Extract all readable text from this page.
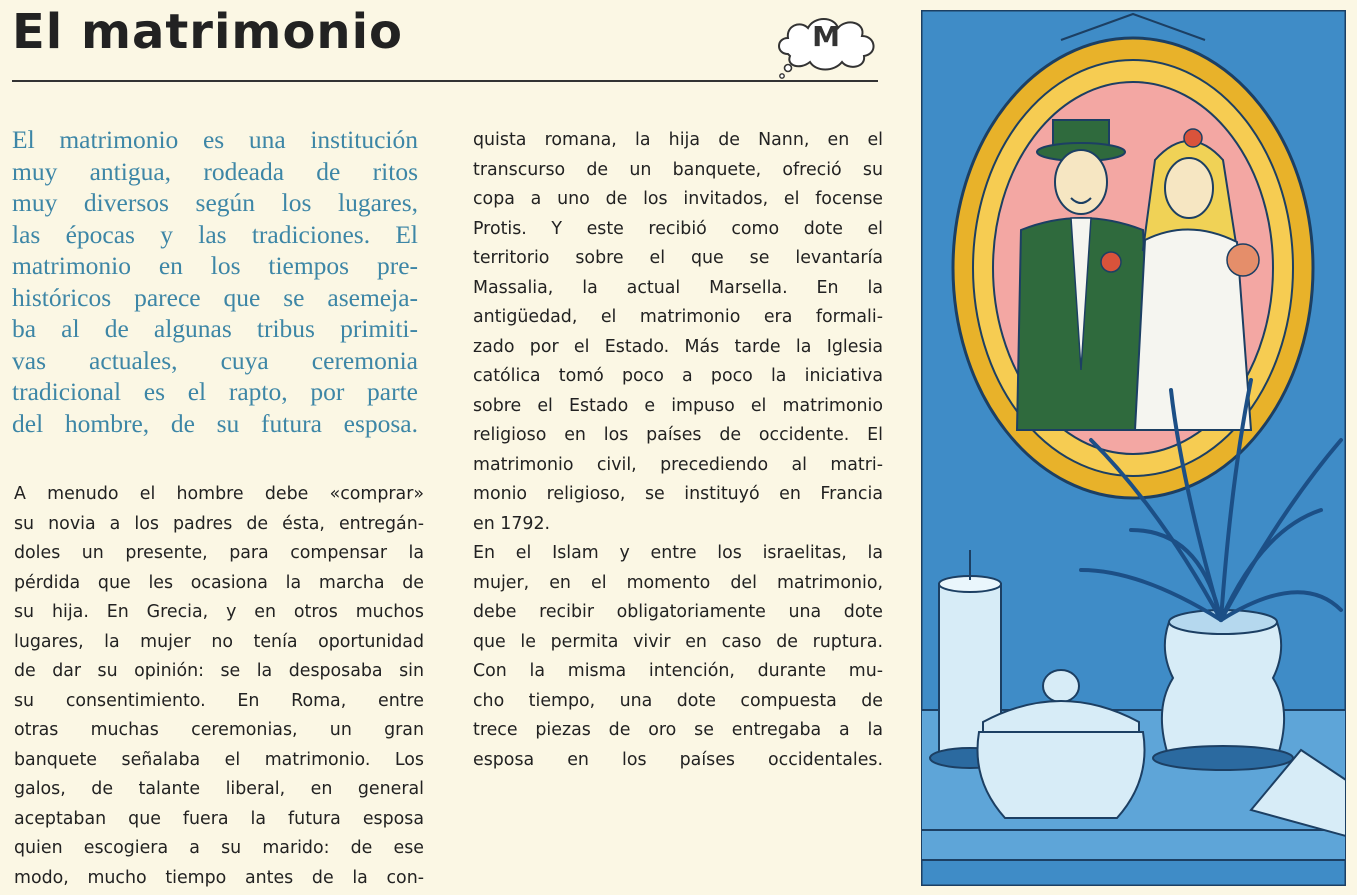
El matrimonio	M
El matrimonio es una institución
muy antigua, rodeada de ritos
muy diversos según los lugares,
las épocas y las tradiciones. El
matrimonio en los tiempos pre-
históricos parece que se asemeja-
ba al de algunas tribus primiti-
vas actuales, cuya ceremonia
tradicional es el rapto, por parte
del hombre, de su futura esposa.
A menudo el hombre debe «comprar»
su novia a los padres de ésta, entregán-
doles un presente, para compensar la
pérdida que les ocasiona la marcha de
su hija. En Grecia, y en otros muchos
lugares, la mujer no tenía oportunidad
de dar su opinión: se la desposaba sin
su consentimiento. En Roma, entre
otras muchas ceremonias, un gran
banquete señalaba el matrimonio. Los
galos, de talante liberal, en general
aceptaban que fuera la futura esposa
quien escogiera a su marido: de ese
modo, mucho tiempo antes de la con-
quista romana, la hija de Nann, en el
transcurso de un banquete, ofreció su
copa a uno de los invitados, el focense
Protis. Y este recibió como dote el
territorio sobre el que se levantaría
Massalia, la actual Marsella. En la
antigüedad, el matrimonio era formali-
zado por el Estado. Más tarde la Iglesia
católica tomó poco a poco la iniciativa
sobre el Estado e impuso el matrimonio
religioso en los países de occidente. El
matrimonio civil, precediendo al matri-
monio religioso, se instituyó en Francia
en 1792.
En el Islam y entre los israelitas, la
mujer, en el momento del matrimonio,
debe recibir obligatoriamente una dote
que le permita vivir en caso de ruptura.
Con la misma intención, durante mu-
cho tiempo, una dote compuesta de
trece piezas de oro se entregaba a la
esposa en los países occidentales.
